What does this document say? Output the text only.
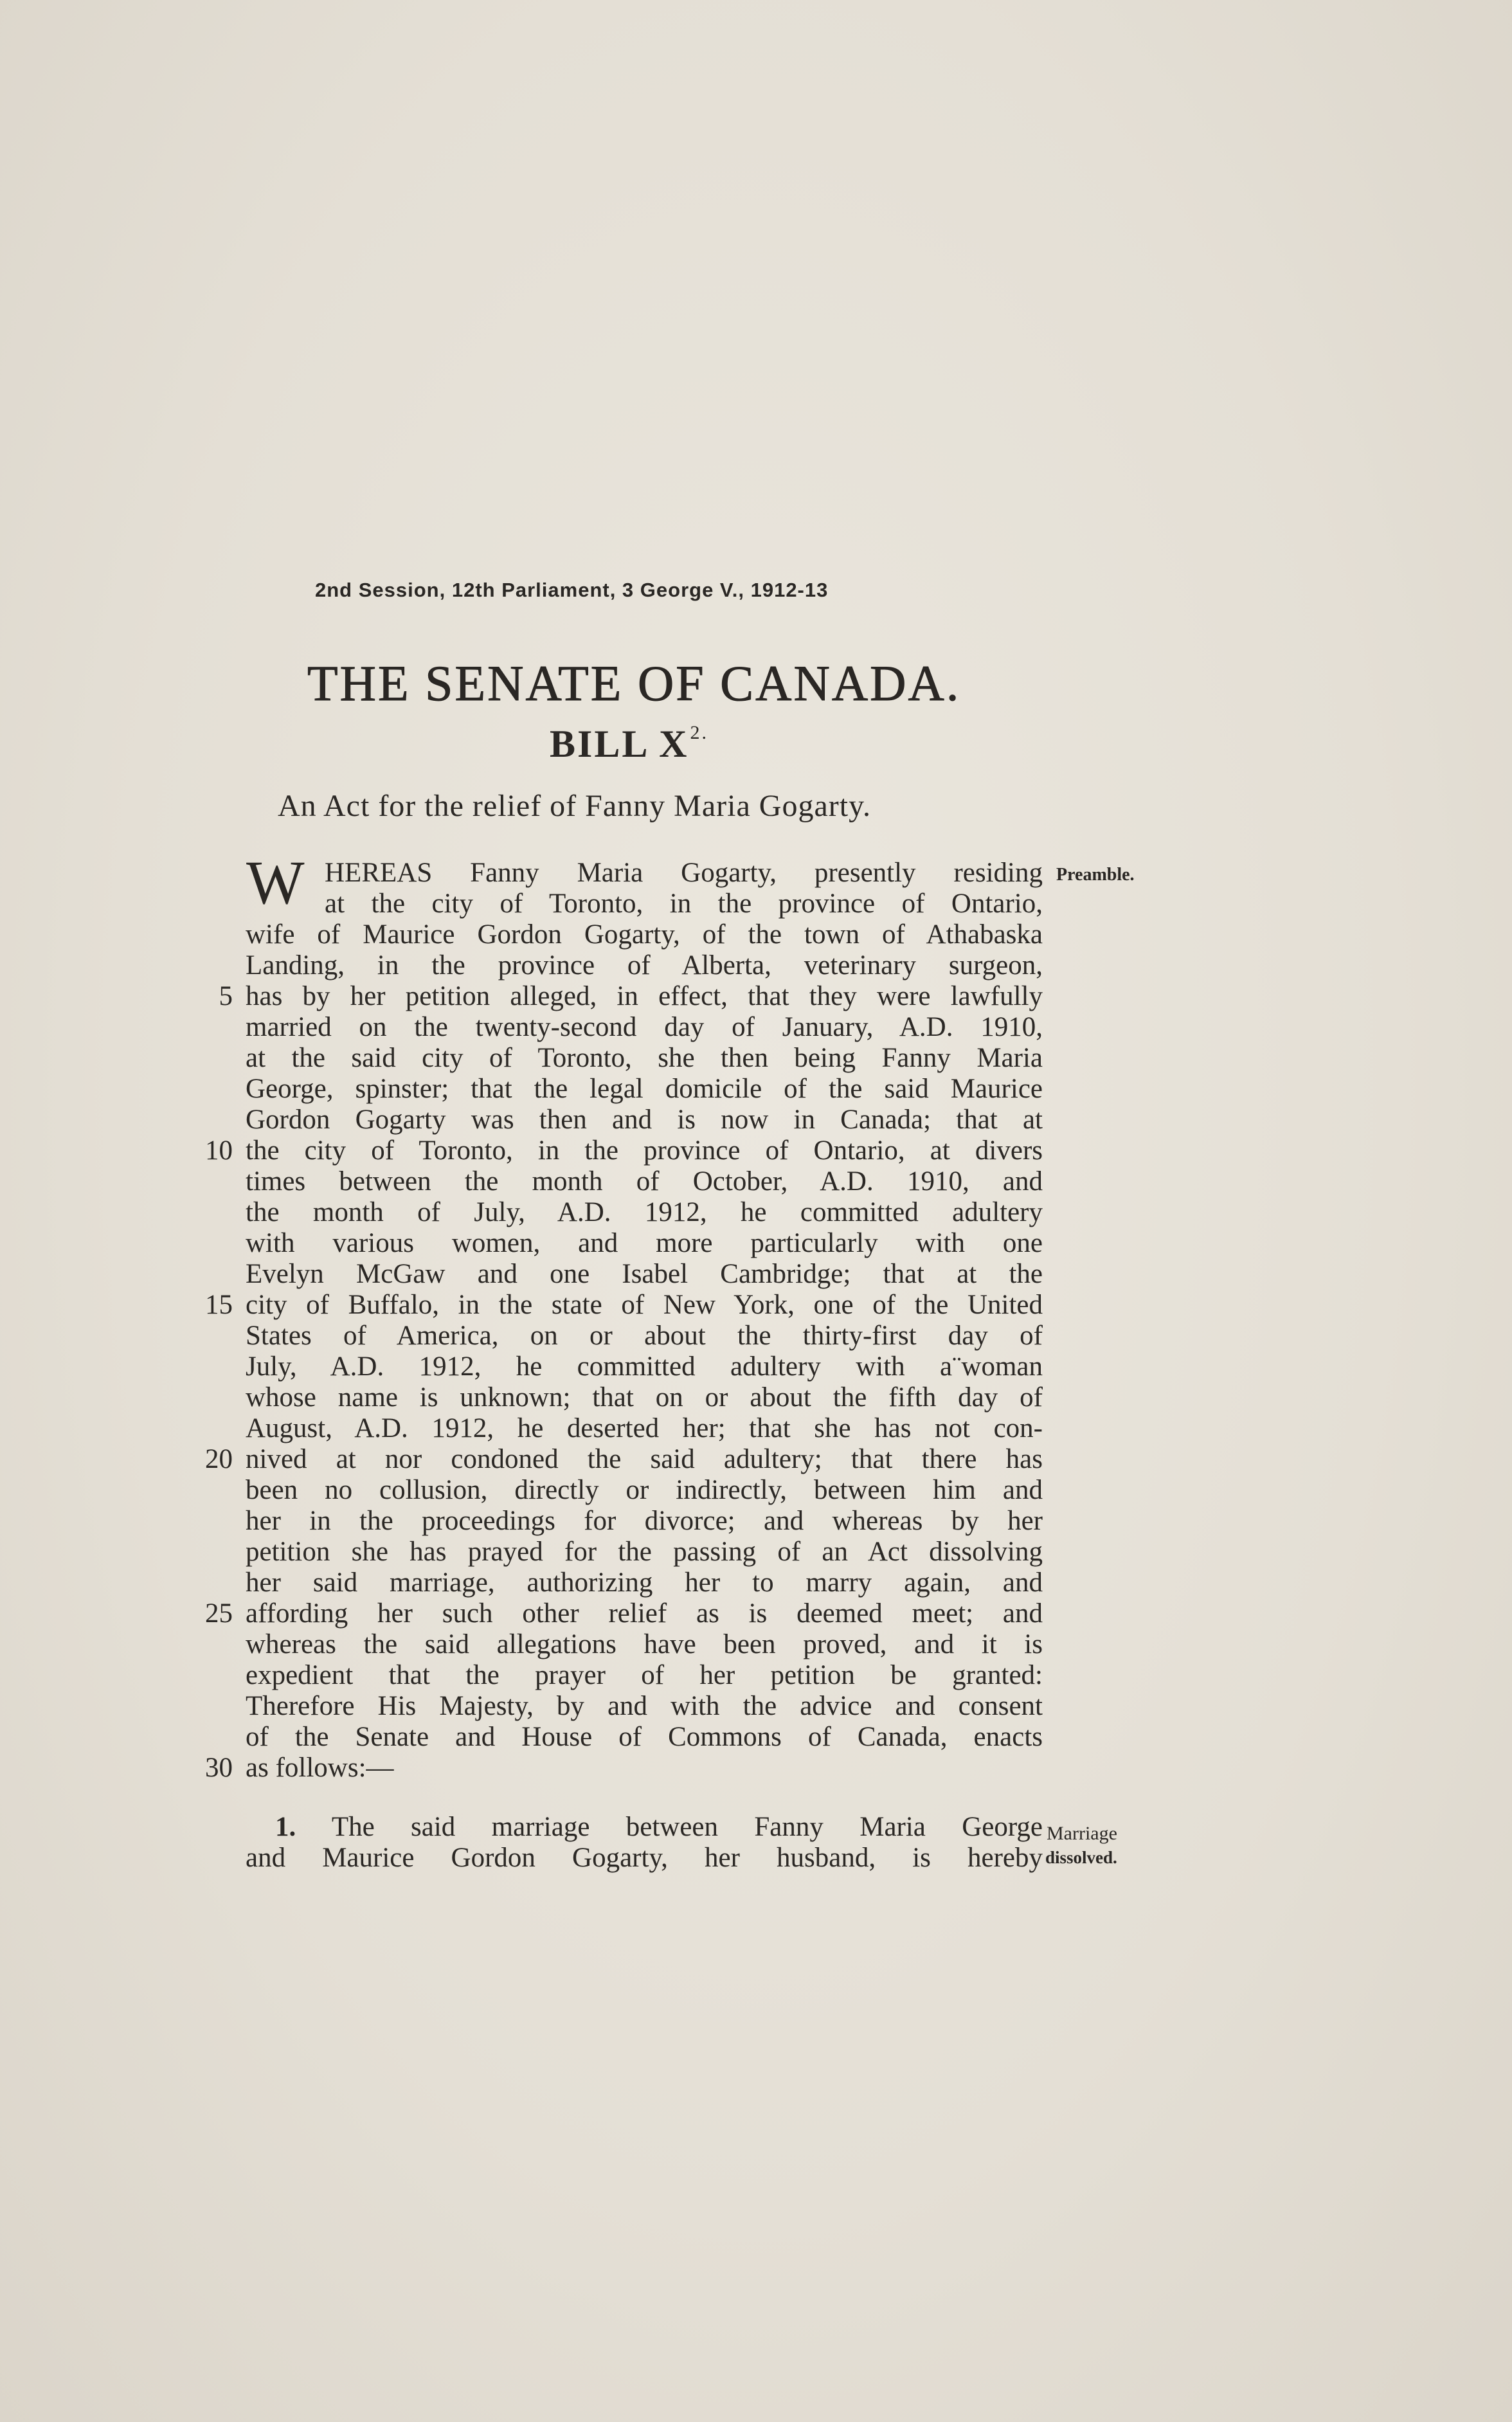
2nd Session, 12th Parliament, 3 George V., 1912-13
THE SENATE OF CANADA.
BILL $X^{2.}$
An Act for the relief of Fanny Maria Gogarty.
W HEREAS Fanny Maria Gogarty, presently residing Preamble.
at the city of Toronto, in the province of Ontario,
wife of Maurice Gordon Gogarty, of the town of Athabaska
Landing, in the province of Alberta, veterinary surgeon,
has by her petition alleged, in effect, that they were lawfully
married on the twenty-second day of January, A.D. 1910,
at the said city of Toronto, she then being Fanny Maria
George, spinster; that the legal domicile of the said Maurice
Gordon Gogarty was then and is now in Canada; that at
the city of Toronto, in the province of Ontario, at divers
times between the month of October, A.D. 1910, and
the month of July, A.D. 1912, he committed adultery
with various women, and more particularly with one
Evelyn McGaw and one Isabel Cambridge; that at the
city of Buffalo, in the state of New York, one of the United
States of America, on or about the thirty-first day of
July, A.D. 1912, he committed adultery with a¨woman
whose name is unknown; that on or about the fifth day of
August, A.D. 1912, he deserted her; that she has not con-
nived at nor condoned the said adultery; that there has
been no collusion, directly or indirectly, between him and
her in the proceedings for divorce; and whereas by her
petition she has prayed for the passing of an Act dissolving
her said marriage, authorizing her to marry again, and
affording her such other relief as is deemed meet; and
whereas the said allegations have been proved, and it is
expedient that the prayer of her petition be granted:
Therefore His Majesty, by and with the advice and consent
of the Senate and House of Commons of Canada, enacts
as follows:—
5
10
15
20
25
30
1. The said marriage between Fanny Maria George
and Maurice Gordon Gogarty, her husband, is hereby
Marriage
dissolved.
